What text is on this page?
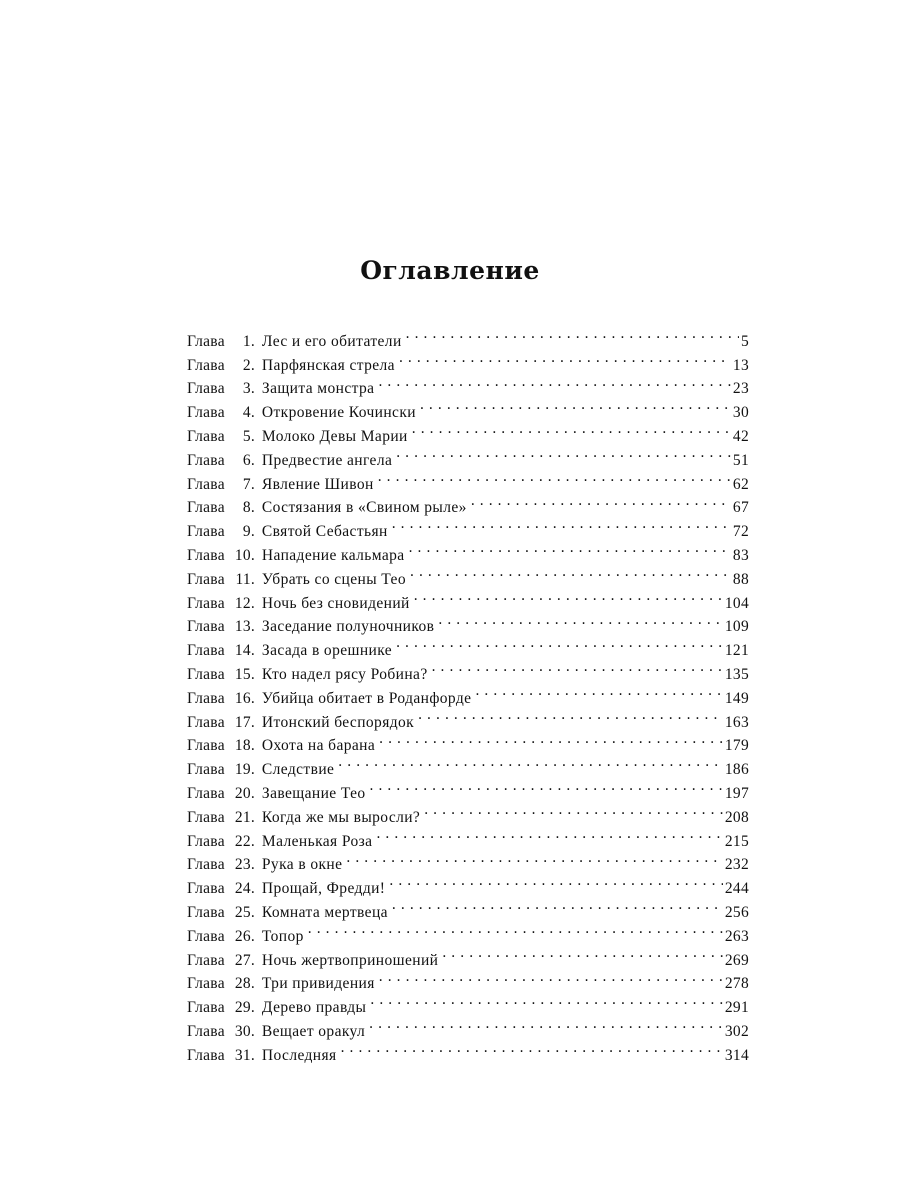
Оглавление
Глава	1. Лес и его обитатели . . .	5
Глава	2. Парфянская стрела . . .	13
Глава	3. Защита монстра . . .	23
Глава	4. Откровение Кочински . . .	30
Глава	5. Молоко Девы Марии . . .	42
Глава	6. Предвестие ангела . . .	51
Глава	7. Явление Шивон . . .	62
Глава	8. Состязания в «Свином рыле» . . .	67
Глава	9. Святой Себастьян . . .	72
Глава 10. Нападение кальмара . . .	83
Глава 11. Убрать со сцены Тео . . .	88
Глава 12. Ночь без сновидений . . .	104
Глава 13. Заседание полуночников . . .	109
Глава 14. Засада в орешнике . . .	121
Глава 15. Кто надел рясу Робина? . . .	135
Глава 16. Убийца обитает в Роданфорде . . .	149
Глава 17. Итонский беспорядок . . .	163
Глава 18. Охота на барана . . .	179
Глава 19. Следствие . . .	186
Глава 20. Завещание Тео . . .	197
Глава 21. Когда же мы выросли? . . .	208
Глава 22. Маленькая Роза . . .	215
Глава 23. Рука в окне . . .	232
Глава 24. Прощай, Фредди! . . .	244
Глава 25. Комната мертвеца . . .	256
Глава 26. Топор . . .	263
Глава 27. Ночь жертвоприношений . . .	269
Глава 28. Три привидения . . .	278
Глава 29. Дерево правды . . .	291
Глава 30. Вещает оракул . . .	302
Глава 31. Последняя . . .	314
